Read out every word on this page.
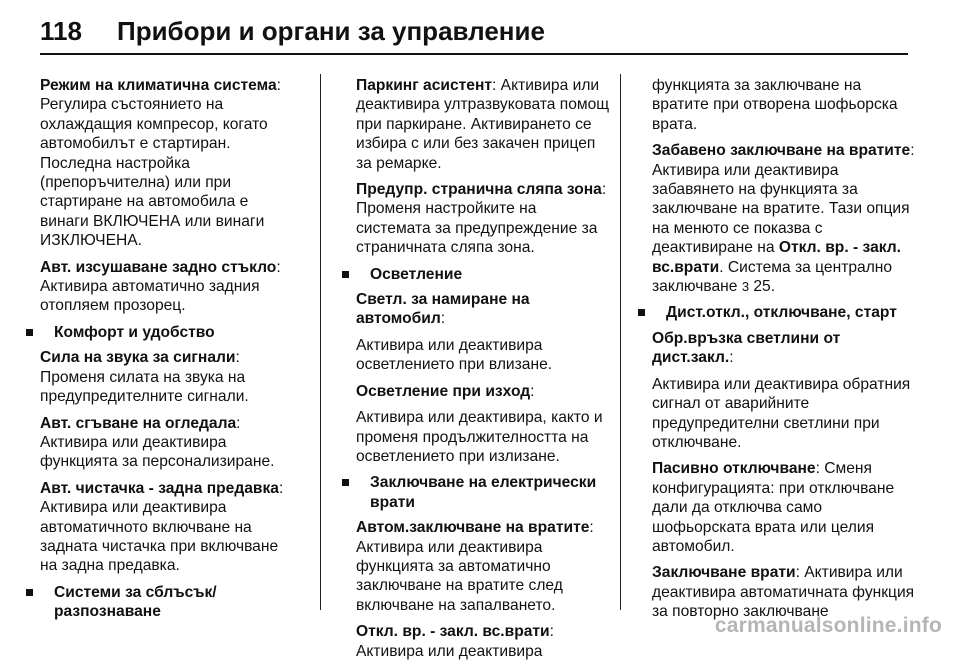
118 Прибори и органи за управление
Режим на климатична система: Регулира състоянието на охлаждащия компресор, когато автомобилът е стартиран. Последна настройка (препоръчителна) или при стартиране на автомобила е винаги ВКЛЮЧЕНА или винаги ИЗКЛЮЧЕНА.
Авт. изсушаване задно стъкло: Активира автоматично задния отопляем прозорец.
Комфорт и удобство
Сила на звука за сигнали: Променя силата на звука на предупредителните сигнали.
Авт. сгъване на огледала: Активира или деактивира функцията за персонализиране.
Авт. чистачка - задна предавка: Активира или деактивира автоматичното включване на задната чистачка при включване на задна предавка.
Системи за сблъсък/ разпознаване
Паркинг асистент: Активира или деактивира ултразвуковата помощ при паркиране. Активирането се избира с или без закачен прицеп за ремарке.
Предупр. странична сляпа зона: Променя настройките на системата за предупреждение за страничната сляпа зона.
Осветление
Светл. за намиране на автомобил:
Активира или деактивира осветлението при влизане.
Осветление при изход:
Активира или деактивира, както и променя продължителността на осветлението при излизане.
Заключване на електрически врати
Автом.заключване на вратите: Активира или деактивира функцията за автоматично заключване на вратите след включване на запалването.
Откл. вр. - закл. вс.врати: Активира или деактивира
функцията за заключване на вратите при отворена шофьорска врата.
Забавено заключване на вратите: Активира или деактивира забавянето на функцията за заключване на вратите. Тази опция на менюто се показва с деактивиране на Откл. вр. - закл. вс.врати. Система за централно заключване 3 25.
Дист.откл., отключване, старт
Обр.връзка светлини от дист.закл.:
Активира или деактивира обратния сигнал от аварийните предупредителни светлини при отключване.
Пасивно отключване: Сменя конфигурацията: при отключване дали да отключва само шофьорската врата или целия автомобил.
Заключване врати: Активира или деактивира автоматичната функция за повторно заключване
carmanualsonline.info
